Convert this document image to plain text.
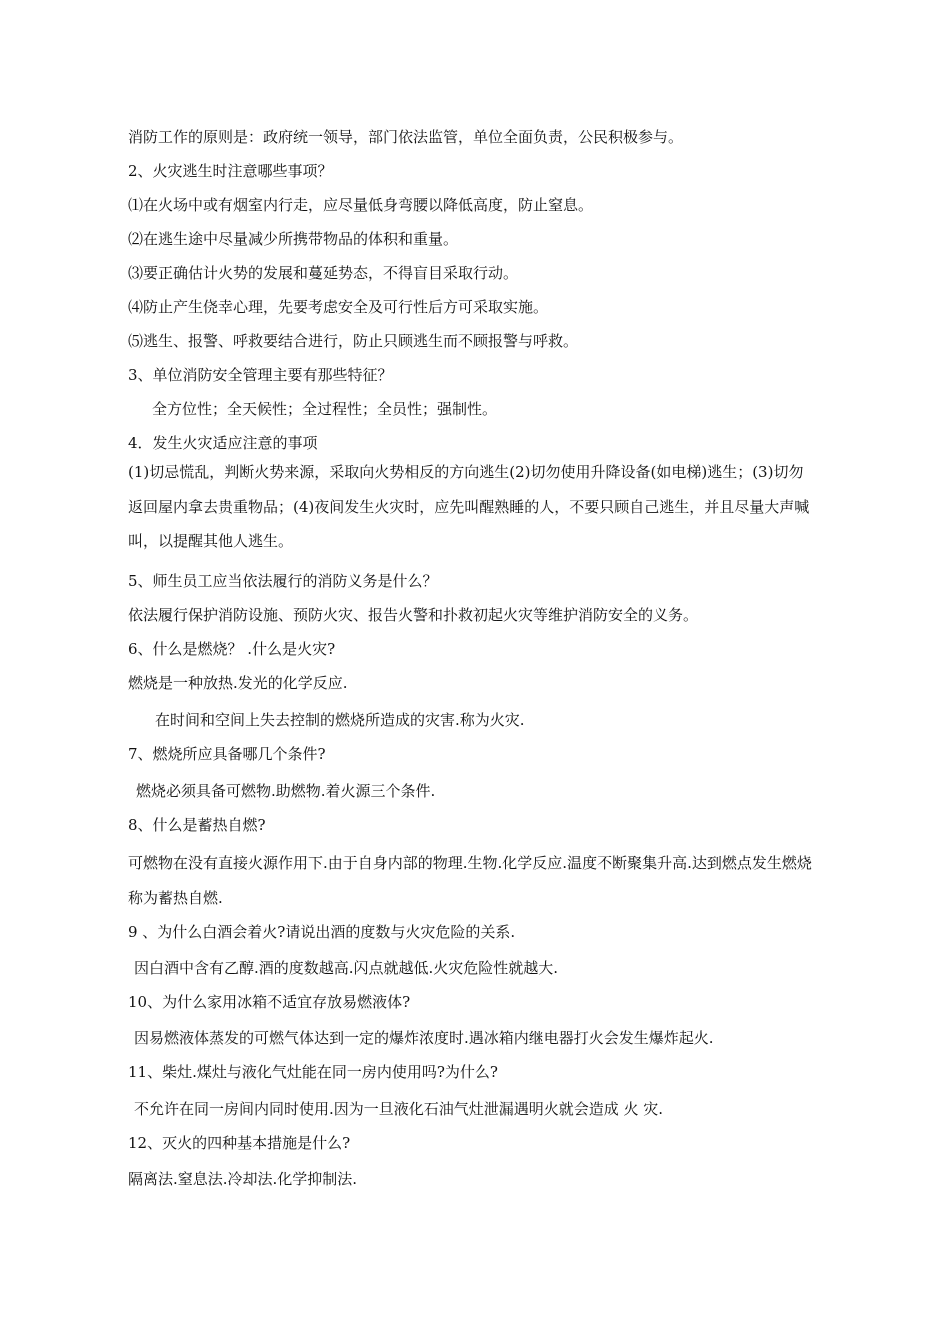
消防工作的原则是：政府统一领导，部门依法监管，单位全面负责，公民积极参与。
2、火灾逃生时注意哪些事项？
⑴在火场中或有烟室内行走，应尽量低身弯腰以降低高度，防止窒息。
⑵在逃生途中尽量减少所携带物品的体积和重量。
⑶要正确估计火势的发展和蔓延势态，不得盲目采取行动。
⑷防止产生侥幸心理，先要考虑安全及可行性后方可采取实施。
⑸逃生、报警、呼救要结合进行，防止只顾逃生而不顾报警与呼救。
3、单位消防安全管理主要有那些特征？
全方位性；全天候性；全过程性；全员性；强制性。
4．发生火灾适应注意的事项
(1)切忌慌乱，判断火势来源，采取向火势相反的方向逃生(2)切勿使用升降设备(如电梯)逃生；(3)切勿返回屋内拿去贵重物品；(4)夜间发生火灾时，应先叫醒熟睡的人，不要只顾自己逃生，并且尽量大声喊叫，以提醒其他人逃生。
5、师生员工应当依法履行的消防义务是什么？
依法履行保护消防设施、预防火灾、报告火警和扑救初起火灾等维护消防安全的义务。
6、什么是燃烧？ .什么是火灾?
燃烧是一种放热.发光的化学反应.
在时间和空间上失去控制的燃烧所造成的灾害.称为火灾.
7、燃烧所应具备哪几个条件?
燃烧必须具备可燃物.助燃物.着火源三个条件.
8、什么是蓄热自燃?
可燃物在没有直接火源作用下.由于自身内部的物理.生物.化学反应.温度不断聚集升高.达到燃点发生燃烧称为蓄热自燃.
9 、为什么白酒会着火?请说出酒的度数与火灾危险的关系.
因白酒中含有乙醇.酒的度数越高.闪点就越低.火灾危险性就越大.
10、为什么家用冰箱不适宜存放易燃液体?
因易燃液体蒸发的可燃气体达到一定的爆炸浓度时.遇冰箱内继电器打火会发生爆炸起火.
11、柴灶.煤灶与液化气灶能在同一房内使用吗?为什么?
不允许在同一房间内同时使用.因为一旦液化石油气灶泄漏遇明火就会造成 火 灾.
12、灭火的四种基本措施是什么?
隔离法.窒息法.冷却法.化学抑制法.
